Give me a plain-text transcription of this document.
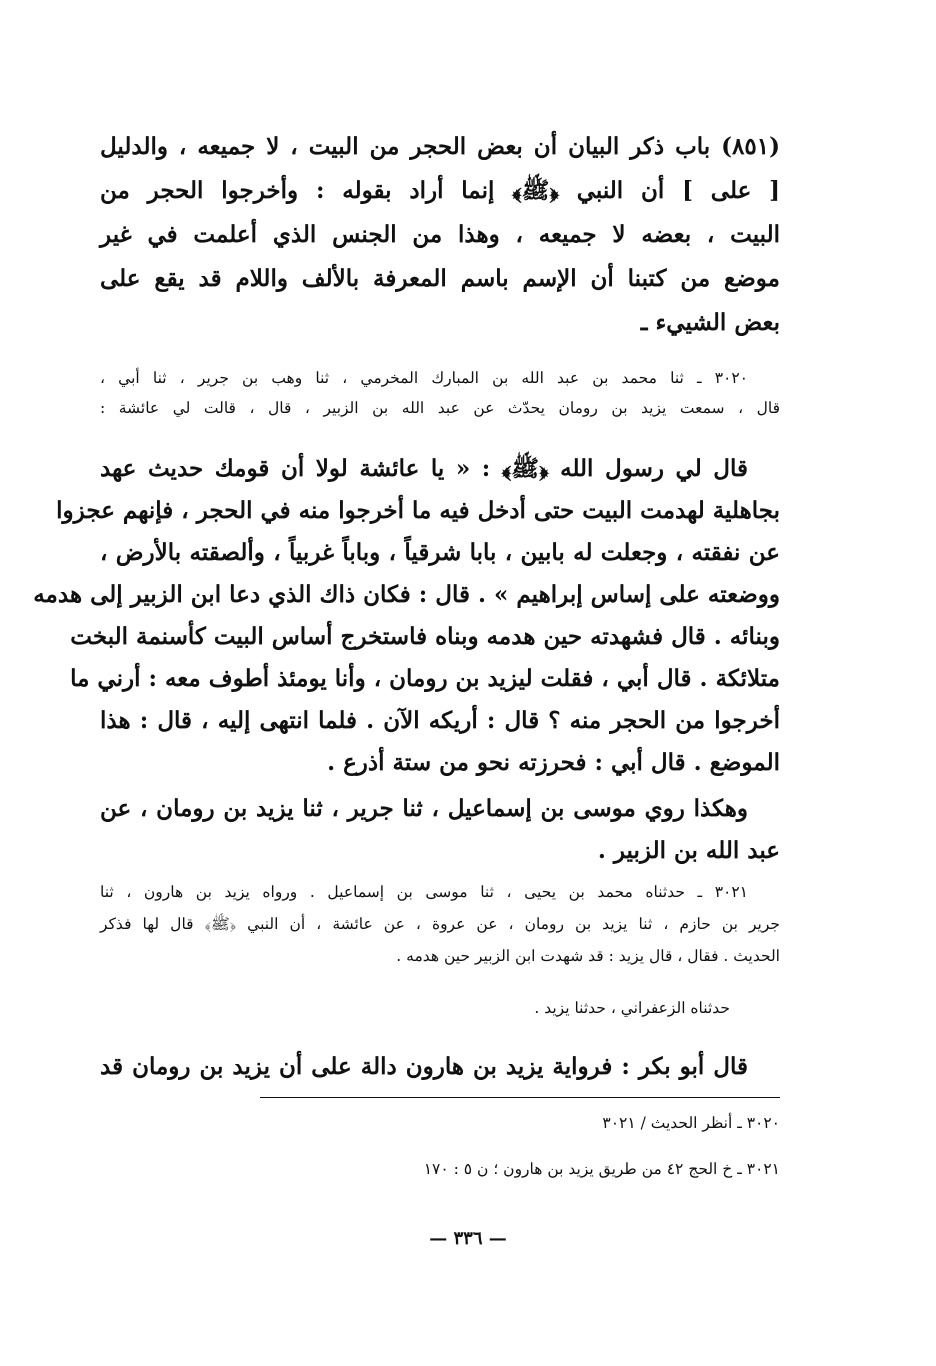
(٨٥١) باب ذكر البيان أن بعض الحجر من البيت ، لا جميعه ، والدليل
[ على ] أن النبي ﴿ﷺ﴾ إنما أراد بقوله : وأخرجوا الحجر من
البيت ، بعضه لا جميعه ، وهذا من الجنس الذي أعلمت في غير
موضع من كتبنا أن الإسم باسم المعرفة بالألف واللام قد يقع على
بعض الشييء ـ
٣٠٢٠ ـ ثنا محمد بن عبد الله بن المبارك المخرمي ، ثنا وهب بن جرير ، ثنا أبي ،
قال ، سمعت يزيد بن رومان يحدّث عن عبد الله بن الزبير ، قال ، قالت لي عائشة :
قال لي رسول الله ﴿ﷺ﴾ : « يا عائشة لولا أن قومك حديث عهد
بجاهلية لهدمت البيت حتى أدخل فيه ما أخرجوا منه في الحجر ، فإنهم عجزوا
عن نفقته ، وجعلت له بابين ، بابا شرقياً ، وباباً غربياً ، وألصقته بالأرض ،
ووضعته على إساس إبراهيم » . قال : فكان ذاك الذي دعا ابن الزبير إلى هدمه
وبنائه . قال فشهدته حين هدمه وبناه فاستخرج أساس البيت كأسنمة البخت
متلائكة . قال أبي ، فقلت ليزيد بن رومان ، وأنا يومئذ أطوف معه : أرني ما
أخرجوا من الحجر منه ؟ قال : أريكه الآن . فلما انتهى إليه ، قال : هذا
الموضع . قال أبي : فحرزته نحو من ستة أذرع .
وهكذا روي موسى بن إسماعيل ، ثنا جرير ، ثنا يزيد بن رومان ، عن
عبد الله بن الزبير .
٣٠٢١ ـ حدثناه محمد بن يحيى ، ثنا موسى بن إسماعيل . ورواه يزيد بن هارون ، ثنا
جرير بن حازم ، ثنا يزيد بن رومان ، عن عروة ، عن عائشة ، أن النبي ﴿ﷺ﴾ قال لها فذكر
الحديث . فقال ، قال يزيد : قد شهدت ابن الزبير حين هدمه .
حدثناه الزعفراني ، حدثنا يزيد .
قال أبو بكر : فرواية يزيد بن هارون دالة على أن يزيد بن رومان قد
٣٠٢٠ ـ أنظر الحديث / ٣٠٢١
٣٠٢١ ـ خ الحج ٤٢ من طريق يزيد بن هارون ؛ ن ٥ : ١٧٠
— ٣٣٦ —
